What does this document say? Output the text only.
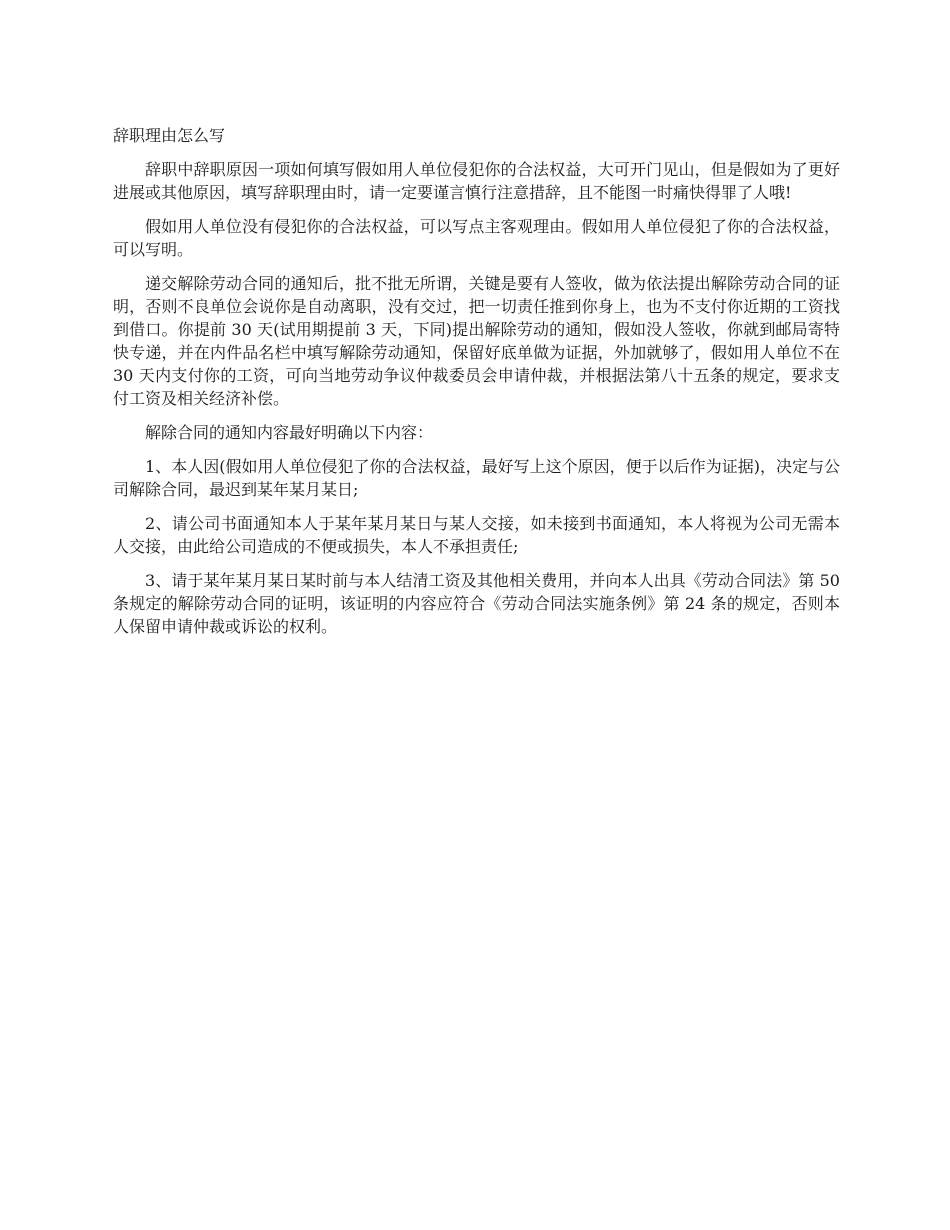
辞职理由怎么写

辞职中辞职原因一项如何填写假如用人单位侵犯你的合法权益，大可开门见山，但是假如为了更好进展或其他原因，填写辞职理由时，请一定要谨言慎行注意措辞，且不能图一时痛快得罪了人哦!

假如用人单位没有侵犯你的合法权益，可以写点主客观理由。假如用人单位侵犯了你的合法权益，可以写明。

递交解除劳动合同的通知后，批不批无所谓，关键是要有人签收，做为依法提出解除劳动合同的证明，否则不良单位会说你是自动离职，没有交过，把一切责任推到你身上，也为不支付你近期的工资找到借口。你提前 30 天(试用期提前 3 天，下同)提出解除劳动的通知，假如没人签收，你就到邮局寄特快专递，并在内件品名栏中填写解除劳动通知，保留好底单做为证据，外加就够了，假如用人单位不在 30 天内支付你的工资，可向当地劳动争议仲裁委员会申请仲裁，并根据法第八十五条的规定，要求支付工资及相关经济补偿。

解除合同的通知内容最好明确以下内容：

1、本人因(假如用人单位侵犯了你的合法权益，最好写上这个原因，便于以后作为证据)，决定与公司解除合同，最迟到某年某月某日;

2、请公司书面通知本人于某年某月某日与某人交接，如未接到书面通知，本人将视为公司无需本人交接，由此给公司造成的不便或损失，本人不承担责任;

3、请于某年某月某日某时前与本人结清工资及其他相关费用，并向本人出具《劳动合同法》第 50 条规定的解除劳动合同的证明，该证明的内容应符合《劳动合同法实施条例》第 24 条的规定，否则本人保留申请仲裁或诉讼的权利。
